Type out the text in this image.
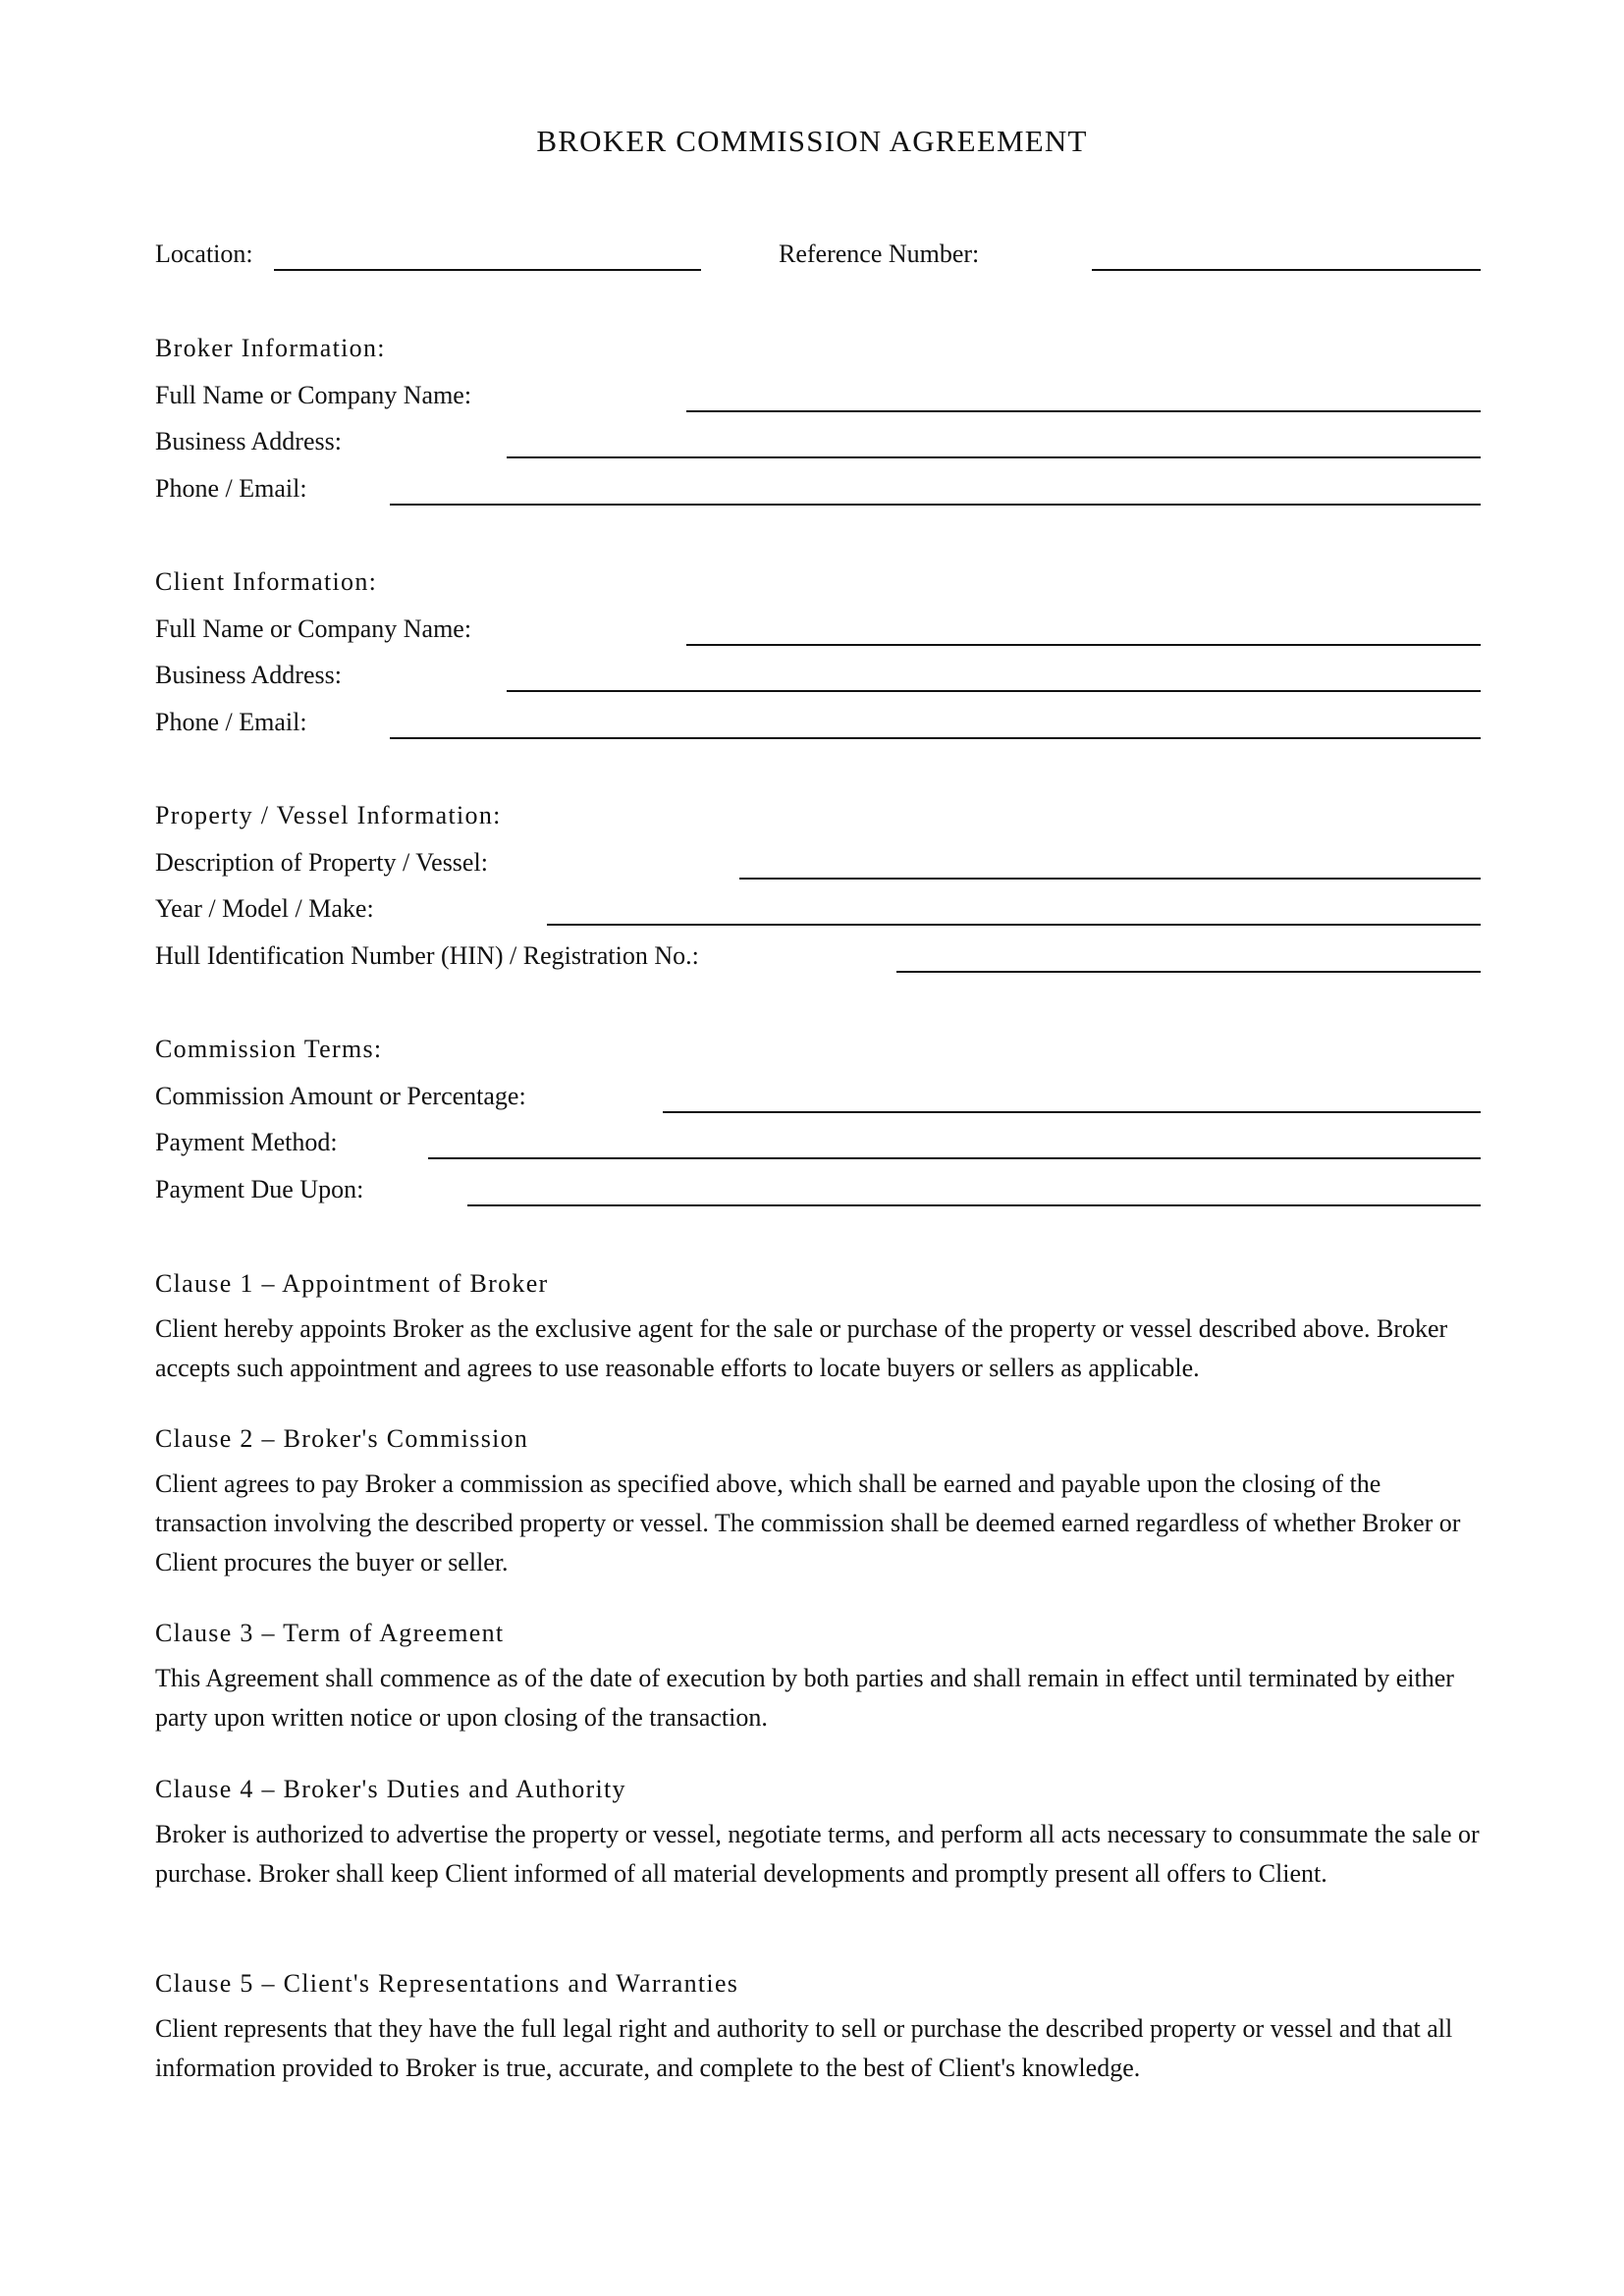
BROKER COMMISSION AGREEMENT
Location:	Reference Number:
Broker Information:
Full Name or Company Name:
Business Address:
Phone / Email:
Client Information:
Full Name or Company Name:
Business Address:
Phone / Email:
Property / Vessel Information:
Description of Property / Vessel:
Year / Model / Make:
Hull Identification Number (HIN) / Registration No.:
Commission Terms:
Commission Amount or Percentage:
Payment Method:
Payment Due Upon:
Clause 1 – Appointment of Broker
Client hereby appoints Broker as the exclusive agent for the sale or purchase of the property or vessel described above. Broker accepts such appointment and agrees to use reasonable efforts to locate buyers or sellers as applicable.
Clause 2 – Broker's Commission
Client agrees to pay Broker a commission as specified above, which shall be earned and payable upon the closing of the transaction involving the described property or vessel. The commission shall be deemed earned regardless of whether Broker or Client procures the buyer or seller.
Clause 3 – Term of Agreement
This Agreement shall commence as of the date of execution by both parties and shall remain in effect until terminated by either party upon written notice or upon closing of the transaction.
Clause 4 – Broker's Duties and Authority
Broker is authorized to advertise the property or vessel, negotiate terms, and perform all acts necessary to consummate the sale or purchase. Broker shall keep Client informed of all material developments and promptly present all offers to Client.
Clause 5 – Client's Representations and Warranties
Client represents that they have the full legal right and authority to sell or purchase the described property or vessel and that all information provided to Broker is true, accurate, and complete to the best of Client's knowledge.
